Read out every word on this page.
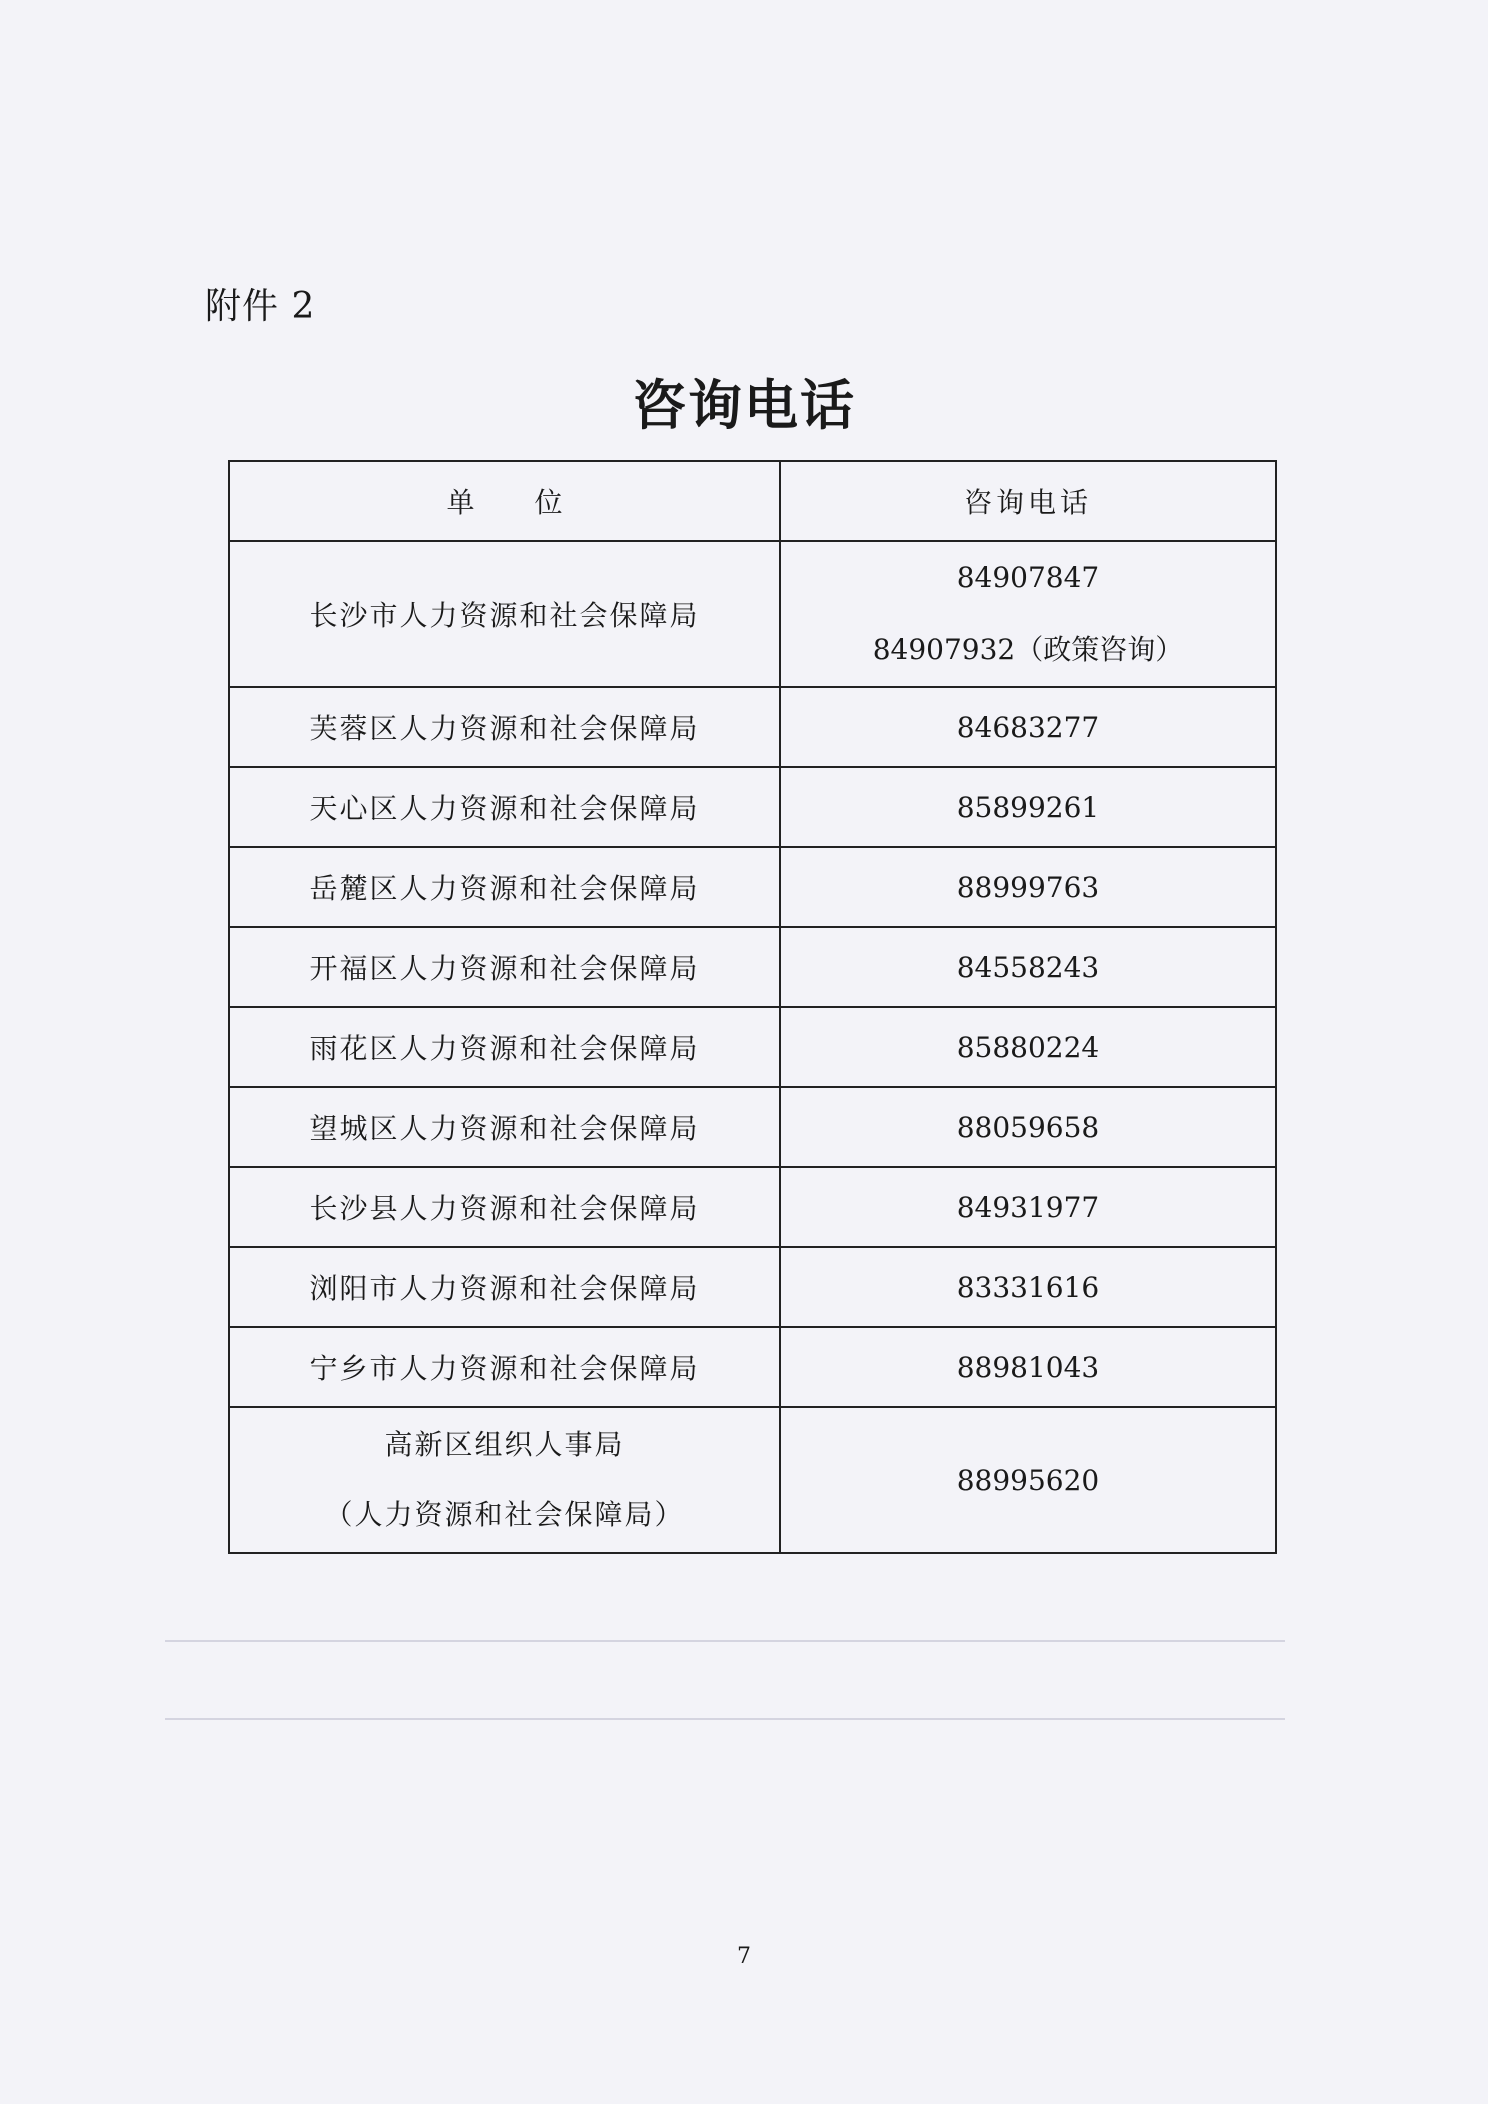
附件 2
咨询电话
单 位	咨询电话
长沙市人力资源和社会保障局	84907847
84907932（政策咨询）

芙蓉区人力资源和社会保障局	84683277
天心区人力资源和社会保障局	85899261
岳麓区人力资源和社会保障局	88999763
开福区人力资源和社会保障局	84558243
雨花区人力资源和社会保障局	85880224
望城区人力资源和社会保障局	88059658
长沙县人力资源和社会保障局	84931977
浏阳市人力资源和社会保障局	83331616
宁乡市人力资源和社会保障局	88981043

高新区组织人事局
（人力资源和社会保障局）	88995620
7
